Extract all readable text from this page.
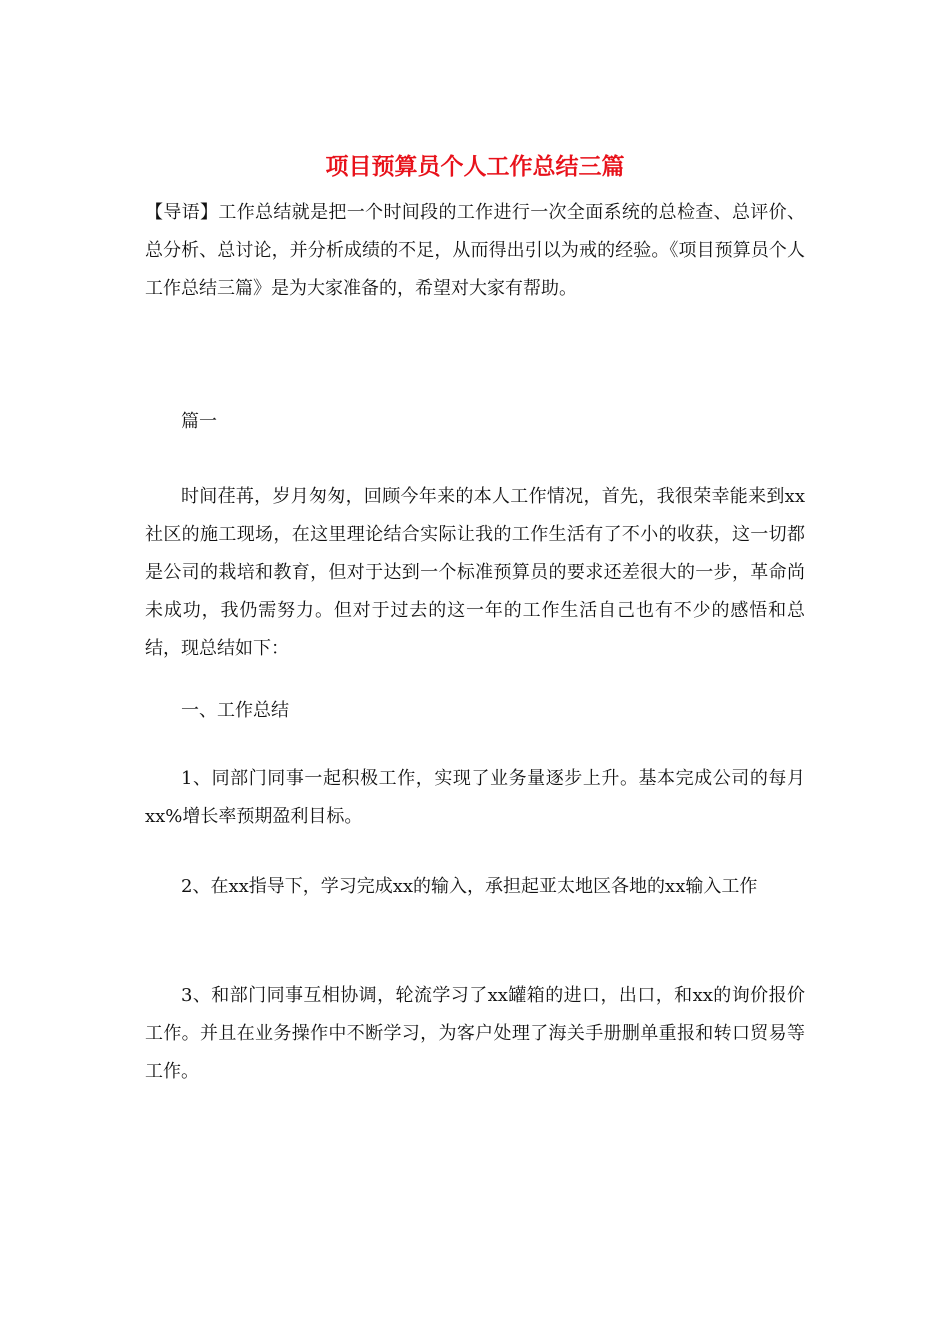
项目预算员个人工作总结三篇

【导语】工作总结就是把一个时间段的工作进行一次全面系统的总检查、总评价、总分析、总讨论，并分析成绩的不足，从而得出引以为戒的经验。《项目预算员个人工作总结三篇》是为大家准备的，希望对大家有帮助。

篇一

时间荏苒，岁月匆匆，回顾今年来的本人工作情况，首先，我很荣幸能来到xx社区的施工现场，在这里理论结合实际让我的工作生活有了不小的收获，这一切都是公司的栽培和教育，但对于达到一个标准预算员的要求还差很大的一步，革命尚未成功，我仍需努力。但对于过去的这一年的工作生活自己也有不少的感悟和总结，现总结如下：

一、工作总结

1、同部门同事一起积极工作，实现了业务量逐步上升。基本完成公司的每月xx%增长率预期盈利目标。

2、在xx指导下，学习完成xx的输入，承担起亚太地区各地的xx输入工作

3、和部门同事互相协调，轮流学习了xx罐箱的进口，出口，和xx的询价报价工作。并且在业务操作中不断学习，为客户处理了海关手册删单重报和转口贸易等工作。
